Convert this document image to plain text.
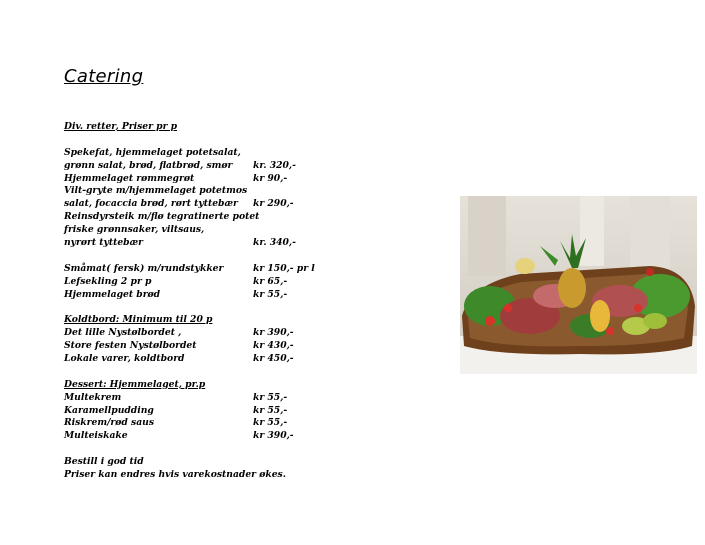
Catering
Div. retter, Priser pr p
Spekefat, hjemmelaget potetsalat,
grønn salat, brød, flatbrød, smør kr. 320,-
Hjemmelaget rømmegrøt	kr 90,-
Vilt-gryte m/hjemmelaget potetmos
salat, focaccia brød, rørt tyttebær kr 290,-
Reinsdyrsteik m/flø tegratinerte potet
friske grønnsaker, viltsaus,
nyrørt tyttebær	kr. 340,-
Småmat( fersk) m/rundstykker	kr 150,- pr l
Lefsekling 2 pr p	kr 65,-
Hjemmelaget brød	kr 55,-
Koldtbord: Minimum til 20 p
Det lille Nystølbordet ,	kr 390,-
Store festen Nystølbordet	kr 430,-
Lokale varer, koldtbord	kr 450,-
Dessert: Hjemmelaget, pr.p
Multekrem	kr 55,-
Karamellpudding	kr 55,-
Riskrem/rød saus	kr 55,-
Multeiskake	kr 390,-
Bestill i god tid
Priser kan endres hvis varekostnader økes.
